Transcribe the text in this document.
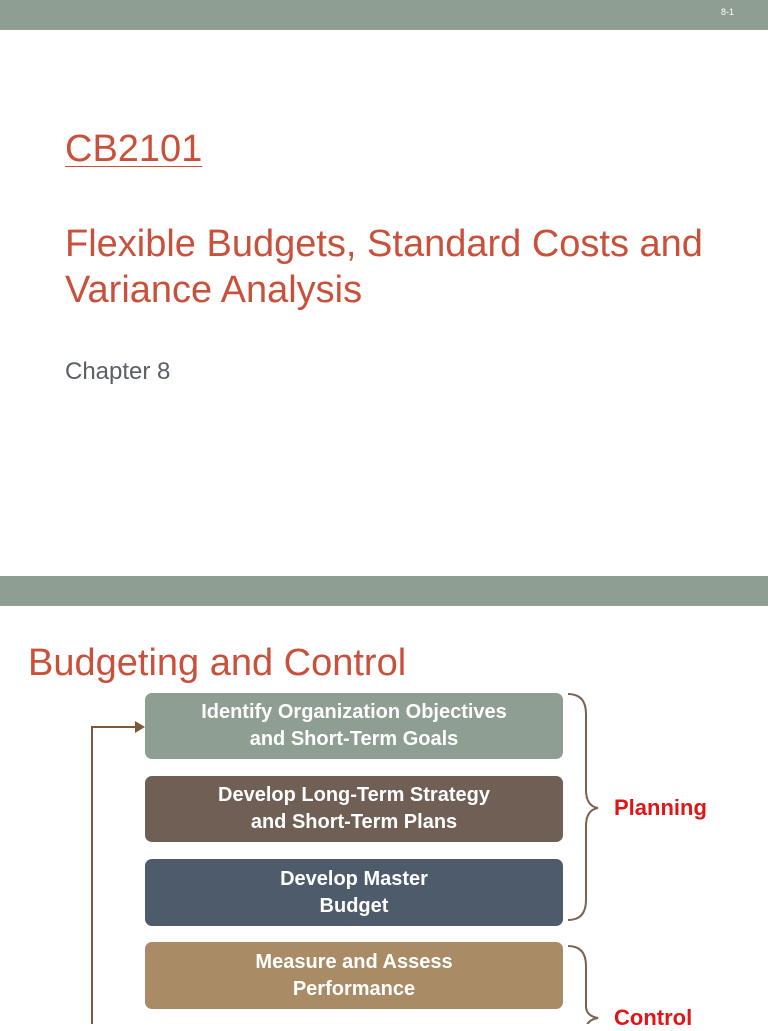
8-1
CB2101
Flexible Budgets, Standard Costs and Variance Analysis
Chapter 8
Budgeting and Control
Identify Organization Objectives
and Short-Term Goals
Develop Long-Term Strategy
and Short-Term Plans
Develop Master
Budget
Measure and Assess
Performance
Planning
Control
